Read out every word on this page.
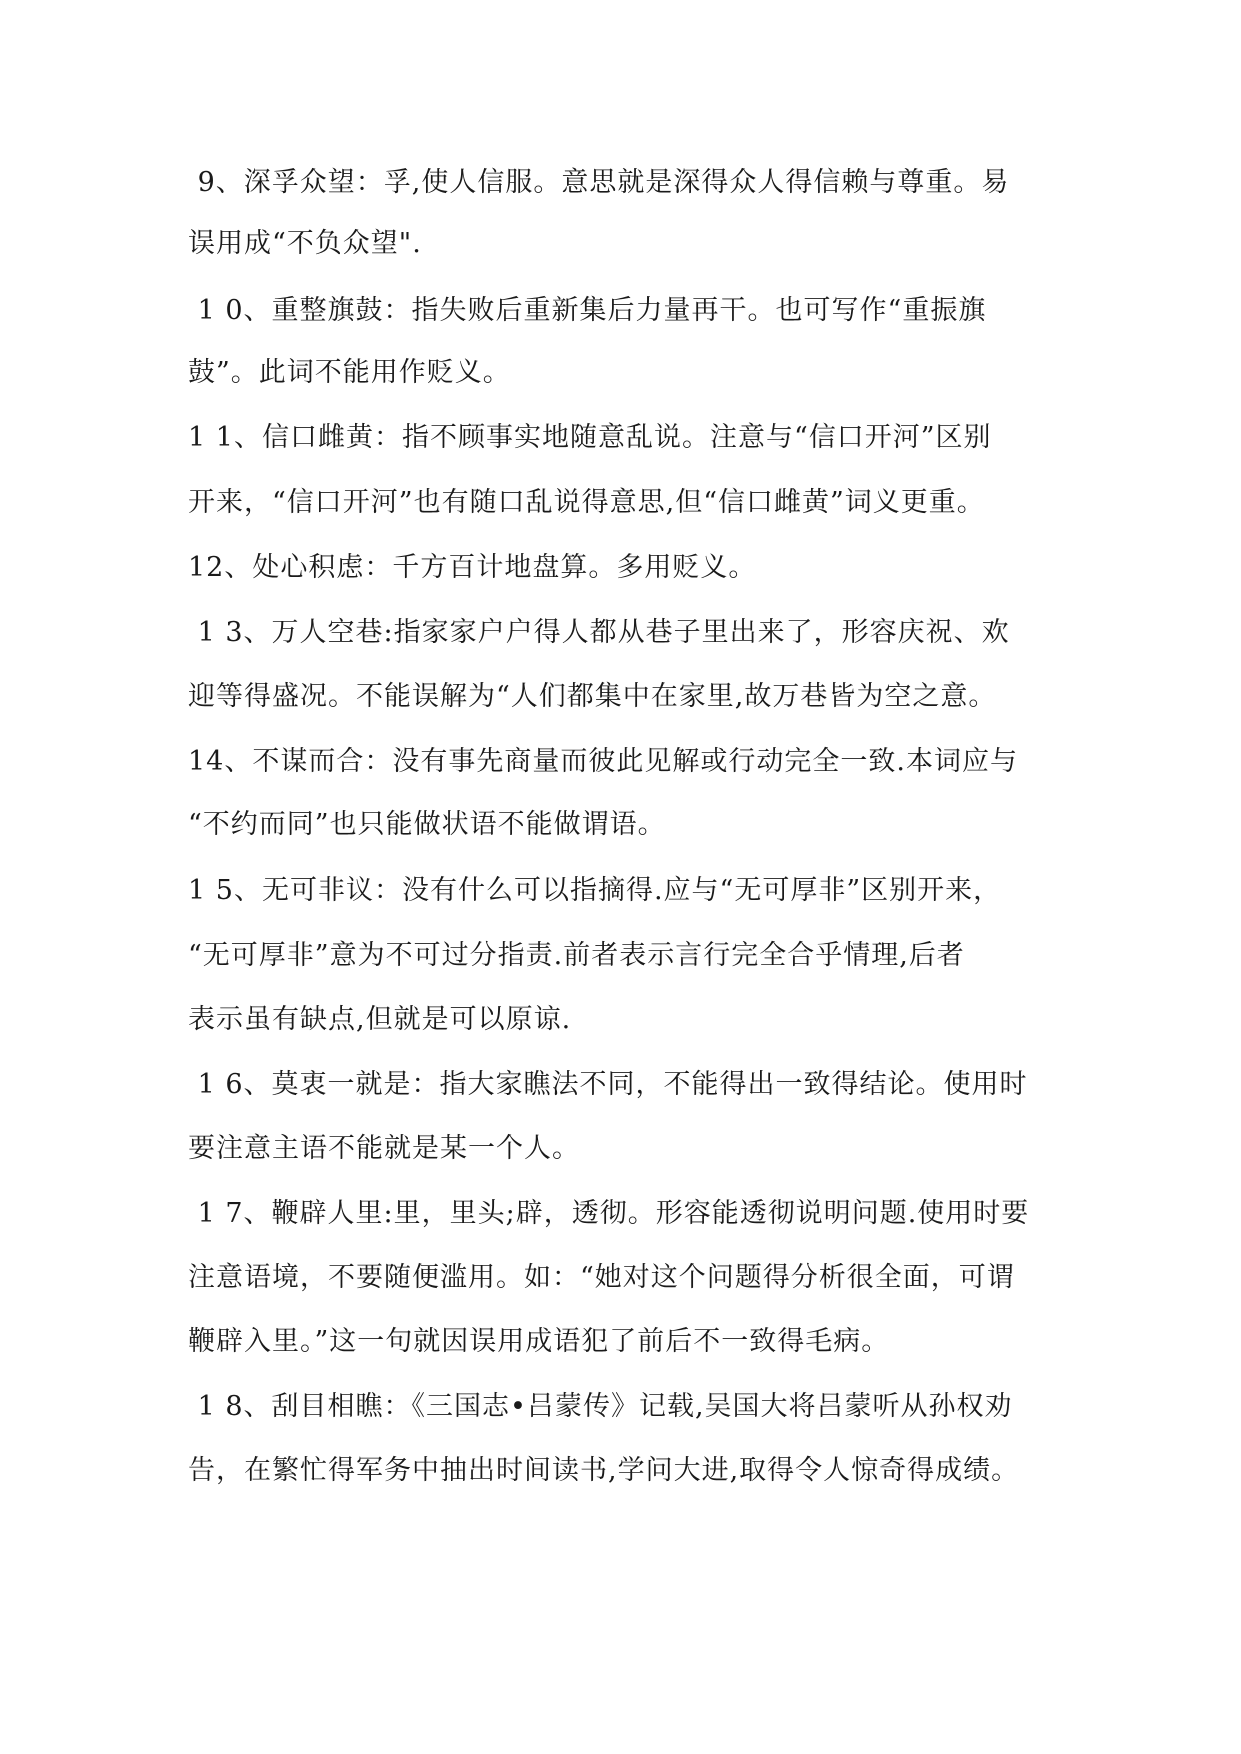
9、深孚众望：孚,使人信服。意思就是深得众人得信赖与尊重。易

误用成“不负众望".

1 0、重整旗鼓：指失败后重新集后力量再干。也可写作“重振旗

鼓”。此词不能用作贬义。

1 1、信口雌黄：指不顾事实地随意乱说。注意与“信口开河”区别

开来，“信口开河”也有随口乱说得意思,但“信口雌黄”词义更重。

12、处心积虑：千方百计地盘算。多用贬义。

1 3、万人空巷:指家家户户得人都从巷子里出来了，形容庆祝、欢

迎等得盛况。不能误解为“人们都集中在家里,故万巷皆为空之意。

14、不谋而合：没有事先商量而彼此见解或行动完全一致.本词应与

“不约而同”也只能做状语不能做谓语。

1 5、无可非议：没有什么可以指摘得.应与“无可厚非”区别开来，

“无可厚非”意为不可过分指责.前者表示言行完全合乎情理,后者

表示虽有缺点,但就是可以原谅.

1 6、莫衷一就是：指大家瞧法不同，不能得出一致得结论。使用时

要注意主语不能就是某一个人。

1 7、鞭辟人里:里，里头;辟，透彻。形容能透彻说明问题.使用时要

注意语境，不要随便滥用。如：“她对这个问题得分析很全面，可谓

鞭辟入里。”这一句就因误用成语犯了前后不一致得毛病。

1 8、刮目相瞧：《三国志•吕蒙传》记载,吴国大将吕蒙听从孙权劝

告，在繁忙得军务中抽出时间读书,学问大进,取得令人惊奇得成绩。
